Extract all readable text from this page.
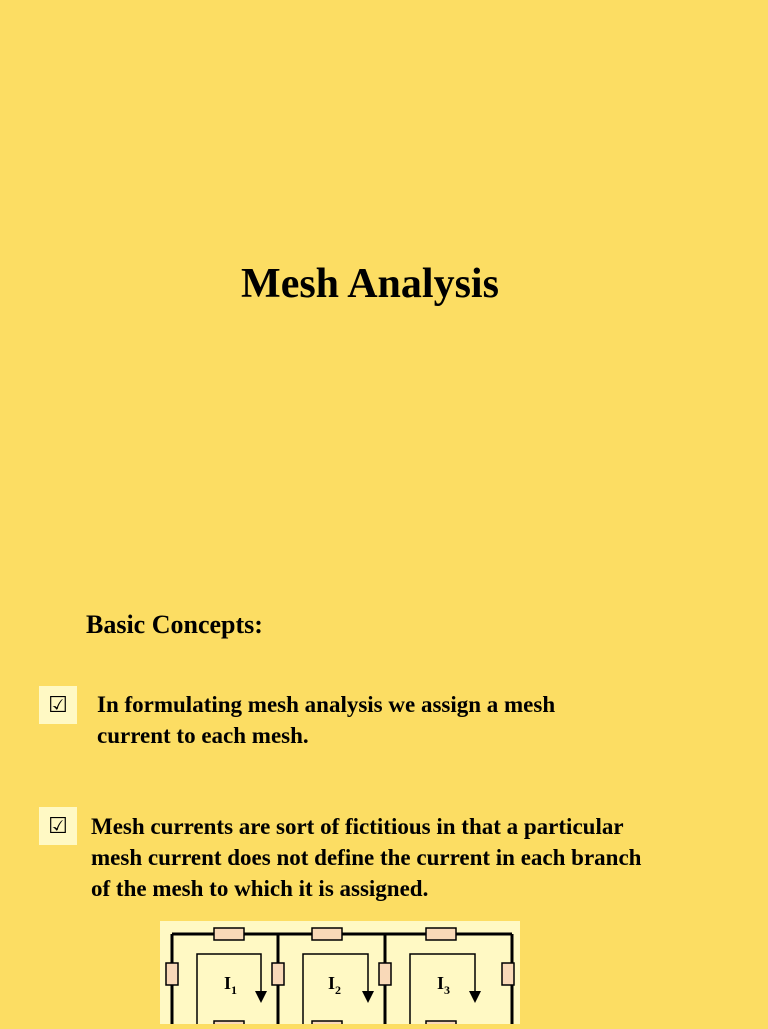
Mesh Analysis
Basic Concepts:
☑	In formulating mesh analysis we assign a mesh
current to each mesh.
☑	Mesh currents are sort of fictitious in that a particular
mesh current does not define the current in each branch
of the mesh to which it is assigned.
$I_1$	$I_2$	$I_3$
